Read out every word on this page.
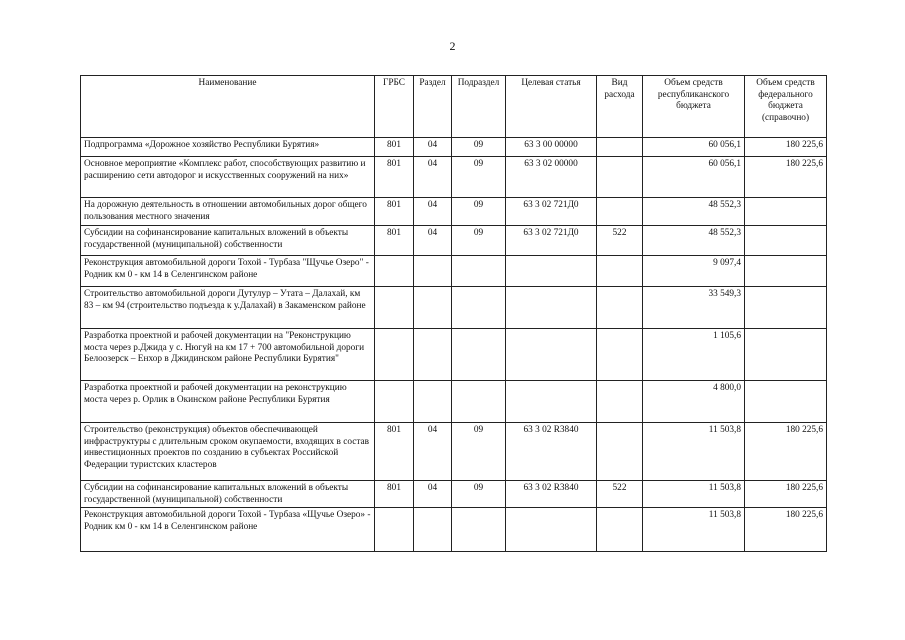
2
Наименование	ГРБС	Раздел	Подраздел	Целевая статья	Вид расхода	Объем средств республиканского бюджета	Объем средств федерального бюджета (справочно)
Подпрограмма «Дорожное хозяйство Республики Бурятия»	801	04	09	63 3 00 00000		60 056,1	180 225,6
Основное мероприятие «Комплекс работ, способствующих развитию и расширению сети автодорог и искусственных сооружений на них»	801	04	09	63 3 02 00000		60 056,1	180 225,6
На дорожную деятельность в отношении автомобильных дорог общего пользования местного значения	801	04	09	63 3 02 721Д0		48 552,3	
Субсидии на софинансирование капитальных вложений в объекты государственной (муниципальной) собственности	801	04	09	63 3 02 721Д0	522	48 552,3	
Реконструкция автомобильной дороги Тохой - Турбаза "Щучье Озеро" - Родник км 0 - км 14 в Селенгинском районе						9 097,4	
Строительство автомобильной дороги Дутулур – Утата – Далахай, км 83 – км 94 (строительство подъезда к у.Далахай) в Закаменском районе						33 549,3	
Разработка проектной и рабочей документации на "Реконструкцию моста через р.Джида у с. Нюгуй на км 17 + 700 автомобильной дороги Белоозерск – Енхор в Джидинском районе Республики Бурятия"						1 105,6	
Разработка проектной и рабочей документации на реконструкцию моста через р. Орлик в Окинском районе Республики Бурятия						4 800,0	
Строительство (реконструкция) объектов обеспечивающей инфраструктуры с длительным сроком окупаемости, входящих в состав инвестиционных проектов по созданию в субъектах Российской Федерации туристских кластеров	801	04	09	63 3 02 R3840		11 503,8	180 225,6
Субсидии на софинансирование капитальных вложений в объекты государственной (муниципальной) собственности	801	04	09	63 3 02 R3840	522	11 503,8	180 225,6
Реконструкция автомобильной дороги Тохой - Турбаза «Щучье Озеро» - Родник км 0 - км 14 в Селенгинском районе						11 503,8	180 225,6
